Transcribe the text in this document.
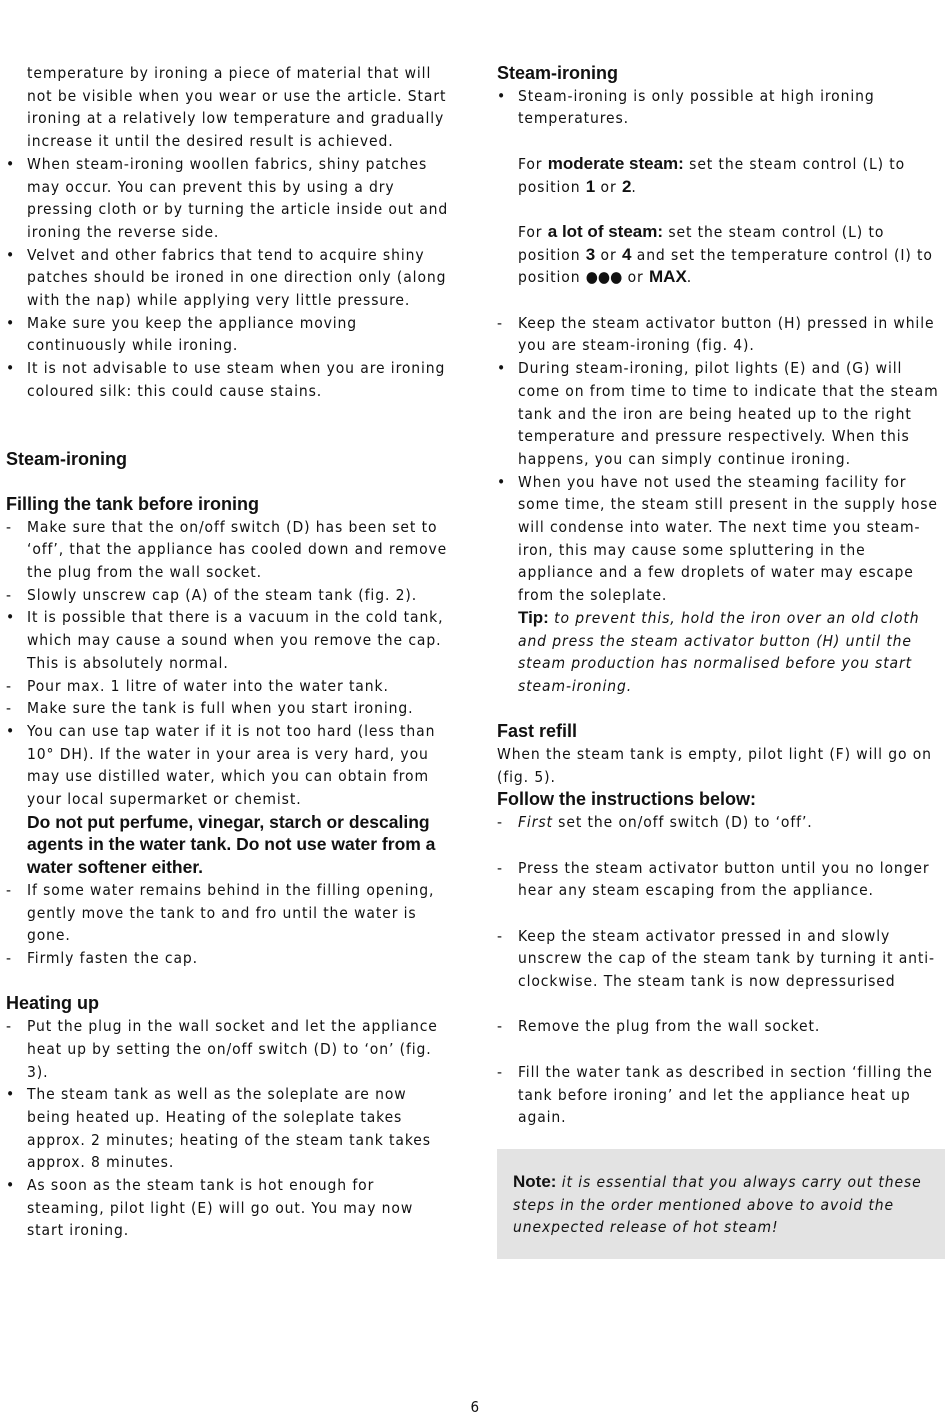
temperature by ironing a piece of material that will not be visible when you wear or use the article. Start ironing at a relatively low temperature and gradually increase it until the desired result is achieved.
• When steam-ironing woollen fabrics, shiny patches may occur. You can prevent this by using a dry pressing cloth or by turning the article inside out and ironing the reverse side.
• Velvet and other fabrics that tend to acquire shiny patches should be ironed in one direction only (along with the nap) while applying very little pressure.
• Make sure you keep the appliance moving continuously while ironing.
• It is not advisable to use steam when you are ironing coloured silk: this could cause stains.
Steam-ironing
Filling the tank before ironing
- Make sure that the on/off switch (D) has been set to ‘off’, that the appliance has cooled down and remove the plug from the wall socket.
- Slowly unscrew cap (A) of the steam tank (fig. 2).
• It is possible that there is a vacuum in the cold tank, which may cause a sound when you remove the cap. This is absolutely normal.
- Pour max. 1 litre of water into the water tank.
- Make sure the tank is full when you start ironing.
• You can use tap water if it is not too hard (less than 10° DH). If the water in your area is very hard, you may use distilled water, which you can obtain from your local supermarket or chemist.
Do not put perfume, vinegar, starch or descaling agents in the water tank. Do not use water from a water softener either.
- If some water remains behind in the filling opening, gently move the tank to and fro until the water is gone.
- Firmly fasten the cap.
Heating up
- Put the plug in the wall socket and let the appliance heat up by setting the on/off switch (D) to ‘on’ (fig. 3).
• The steam tank as well as the soleplate are now being heated up. Heating of the soleplate takes approx. 2 minutes; heating of the steam tank takes approx. 8 minutes.
• As soon as the steam tank is hot enough for steaming, pilot light (E) will go out. You may now start ironing.
Steam-ironing
• Steam-ironing is only possible at high ironing temperatures.
For moderate steam: set the steam control (L) to position 1 or 2.
For a lot of steam: set the steam control (L) to position 3 or 4 and set the temperature control (I) to position ●●● or MAX.
- Keep the steam activator button (H) pressed in while you are steam-ironing (fig. 4).
• During steam-ironing, pilot lights (E) and (G) will come on from time to time to indicate that the steam tank and the iron are being heated up to the right temperature and pressure respectively. When this happens, you can simply continue ironing.
• When you have not used the steaming facility for some time, the steam still present in the supply hose will condense into water. The next time you steam-iron, this may cause some spluttering in the appliance and a few droplets of water may escape from the soleplate.
Tip: to prevent this, hold the iron over an old cloth and press the steam activator button (H) until the steam production has normalised before you start steam-ironing.
Fast refill

When the steam tank is empty, pilot light (F) will go on (fig. 5).

Follow the instructions below:
- First set the on/off switch (D) to ‘off’.
- Press the steam activator button until you no longer hear any steam escaping from the appliance.
- Keep the steam activator pressed in and slowly unscrew the cap of the steam tank by turning it anti-clockwise. The steam tank is now depressurised
- Remove the plug from the wall socket.
- Fill the water tank as described in section ‘filling the tank before ironing’ and let the appliance heat up again.
Note: it is essential that you always carry out these steps in the order mentioned above to avoid the unexpected release of hot steam!
6
